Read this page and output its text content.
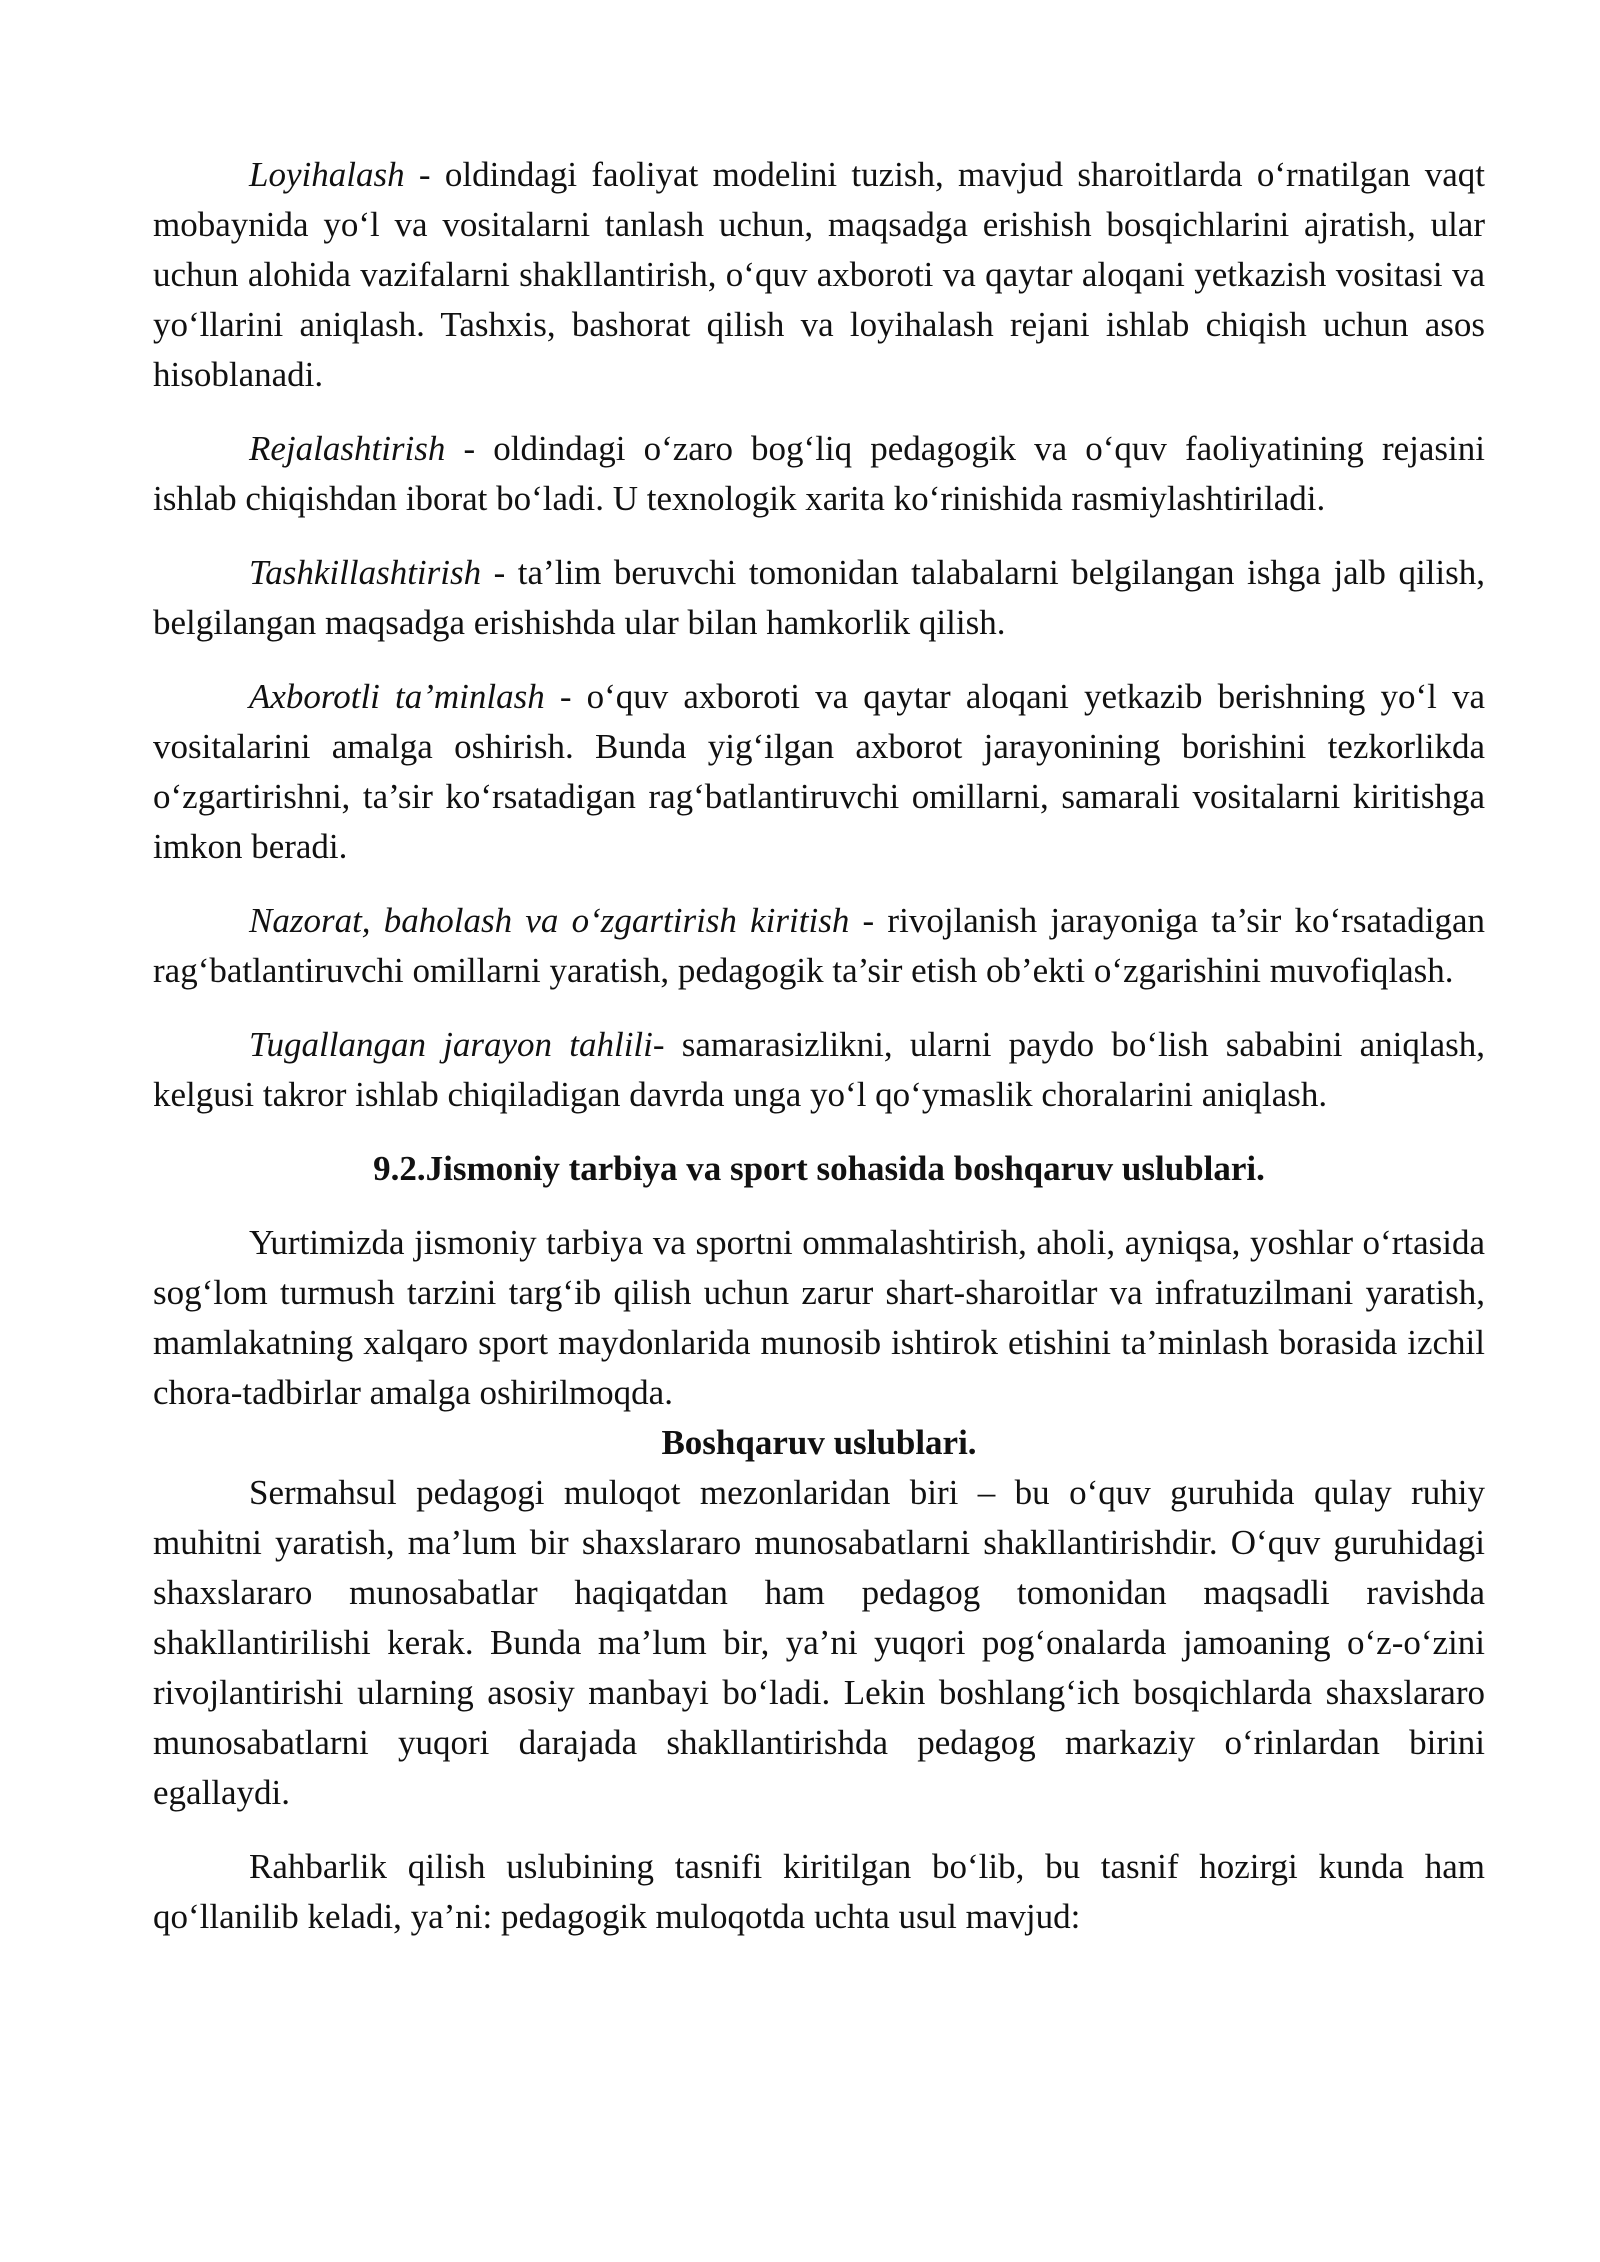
Loyihalash - oldindagi faoliyat modelini tuzish, mavjud sharoitlarda o‘rnatilgan vaqt mobaynida yo‘l va vositalarni tanlash uchun, maqsadga erishish bosqichlarini ajratish, ular uchun alohida vazifalarni shakllantirish, o‘quv axboroti va qaytar aloqani yetkazish vositasi va yo‘llarini aniqlash. Tashxis, bashorat qilish va loyihalash rejani ishlab chiqish uchun asos hisoblanadi.

Rejalashtirish - oldindagi o‘zaro bog‘liq pedagogik va o‘quv faoliyatining rejasini ishlab chiqishdan iborat bo‘ladi. U texnologik xarita ko‘rinishida rasmiylashtiriladi.

Tashkillashtirish - ta’lim beruvchi tomonidan talabalarni belgilangan ishga jalb qilish, belgilangan maqsadga erishishda ular bilan hamkorlik qilish.

Axborotli ta’minlash - o‘quv axboroti va qaytar aloqani yetkazib berishning yo‘l va vositalarini amalga oshirish. Bunda yig‘ilgan axborot jarayonining borishini tezkorlikda o‘zgartirishni, ta’sir ko‘rsatadigan rag‘batlantiruvchi omillarni, samarali vositalarni kiritishga imkon beradi.

Nazorat, baholash va o‘zgartirish kiritish - rivojlanish jarayoniga ta’sir ko‘rsatadigan rag‘batlantiruvchi omillarni yaratish, pedagogik ta’sir etish ob’ekti o‘zgarishini muvofiqlash.

Tugallangan jarayon tahlili- samarasizlikni, ularni paydo bo‘lish sababini aniqlash, kelgusi takror ishlab chiqiladigan davrda unga yo‘l qo‘ymaslik choralarini aniqlash.

9.2.Jismoniy tarbiya va sport sohasida boshqaruv uslublari.

Yurtimizda jismoniy tarbiya va sportni ommalashtirish, aholi, ayniqsa, yoshlar o‘rtasida sog‘lom turmush tarzini targ‘ib qilish uchun zarur shart-sharoitlar va infratuzilmani yaratish, mamlakatning xalqaro sport maydonlarida munosib ishtirok etishini ta’minlash borasida izchil chora-tadbirlar amalga oshirilmoqda.

Boshqaruv uslublari.

Sermahsul pedagogi muloqot mezonlaridan biri – bu o‘quv guruhida qulay ruhiy muhitni yaratish, ma’lum bir shaxslararo munosabatlarni shakllantirishdir. O‘quv guruhidagi shaxslararo munosabatlar haqiqatdan ham pedagog tomonidan maqsadli ravishda shakllantirilishi kerak. Bunda ma’lum bir, ya’ni yuqori pog‘onalarda jamoaning o‘z-o‘zini rivojlantirishi ularning asosiy manbayi bo‘ladi. Lekin boshlang‘ich bosqichlarda shaxslararo munosabatlarni yuqori darajada shakllantirishda pedagog markaziy o‘rinlardan birini egallaydi.

Rahbarlik qilish uslubining tasnifi kiritilgan bo‘lib, bu tasnif hozirgi kunda ham qo‘llanilib keladi, ya’ni: pedagogik muloqotda uchta usul mavjud:
